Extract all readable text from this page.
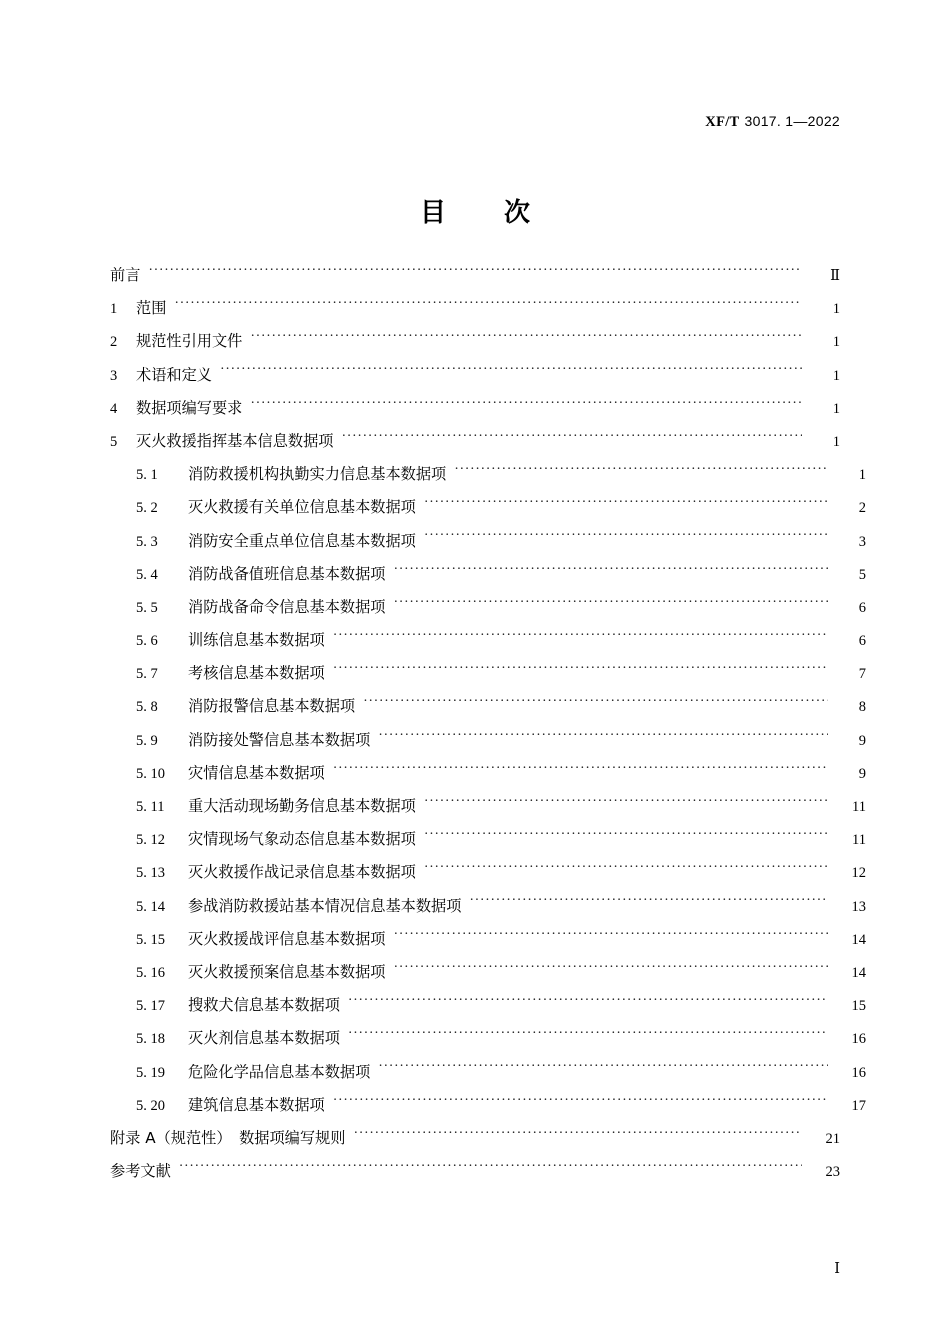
XF/T 3017. 1—2022
目　次
前言 ·····	Ⅱ
1	范围 ·····	1
2	规范性引用文件 ·····	1
3	术语和定义 ·····	1
4	数据项编写要求 ·····	1
5	灭火救援指挥基本信息数据项 ·····	1
5. 1	消防救援机构执勤实力信息基本数据项 ·····	1
5. 2	灭火救援有关单位信息基本数据项 ·····	2
5. 3	消防安全重点单位信息基本数据项 ·····	3
5. 4	消防战备值班信息基本数据项 ·····	5
5. 5	消防战备命令信息基本数据项 ·····	6
5. 6	训练信息基本数据项 ·····	6
5. 7	考核信息基本数据项 ·····	7
5. 8	消防报警信息基本数据项 ·····	8
5. 9	消防接处警信息基本数据项 ·····	9
5. 10	灾情信息基本数据项 ·····	9
5. 11	重大活动现场勤务信息基本数据项 ·····	11
5. 12	灾情现场气象动态信息基本数据项 ·····	11
5. 13	灭火救援作战记录信息基本数据项 ·····	12
5. 14	参战消防救援站基本情况信息基本数据项 ·····	13
5. 15	灭火救援战评信息基本数据项 ·····	14
5. 16	灭火救援预案信息基本数据项 ·····	14
5. 17	搜救犬信息基本数据项 ·····	15
5. 18	灭火剂信息基本数据项 ·····	16
5. 19	危险化学品信息基本数据项 ·····	16
5. 20	建筑信息基本数据项 ·····	17
附录 A（规范性）　数据项编写规则 ·····	21
参考文献 ·····	23
Ⅰ
